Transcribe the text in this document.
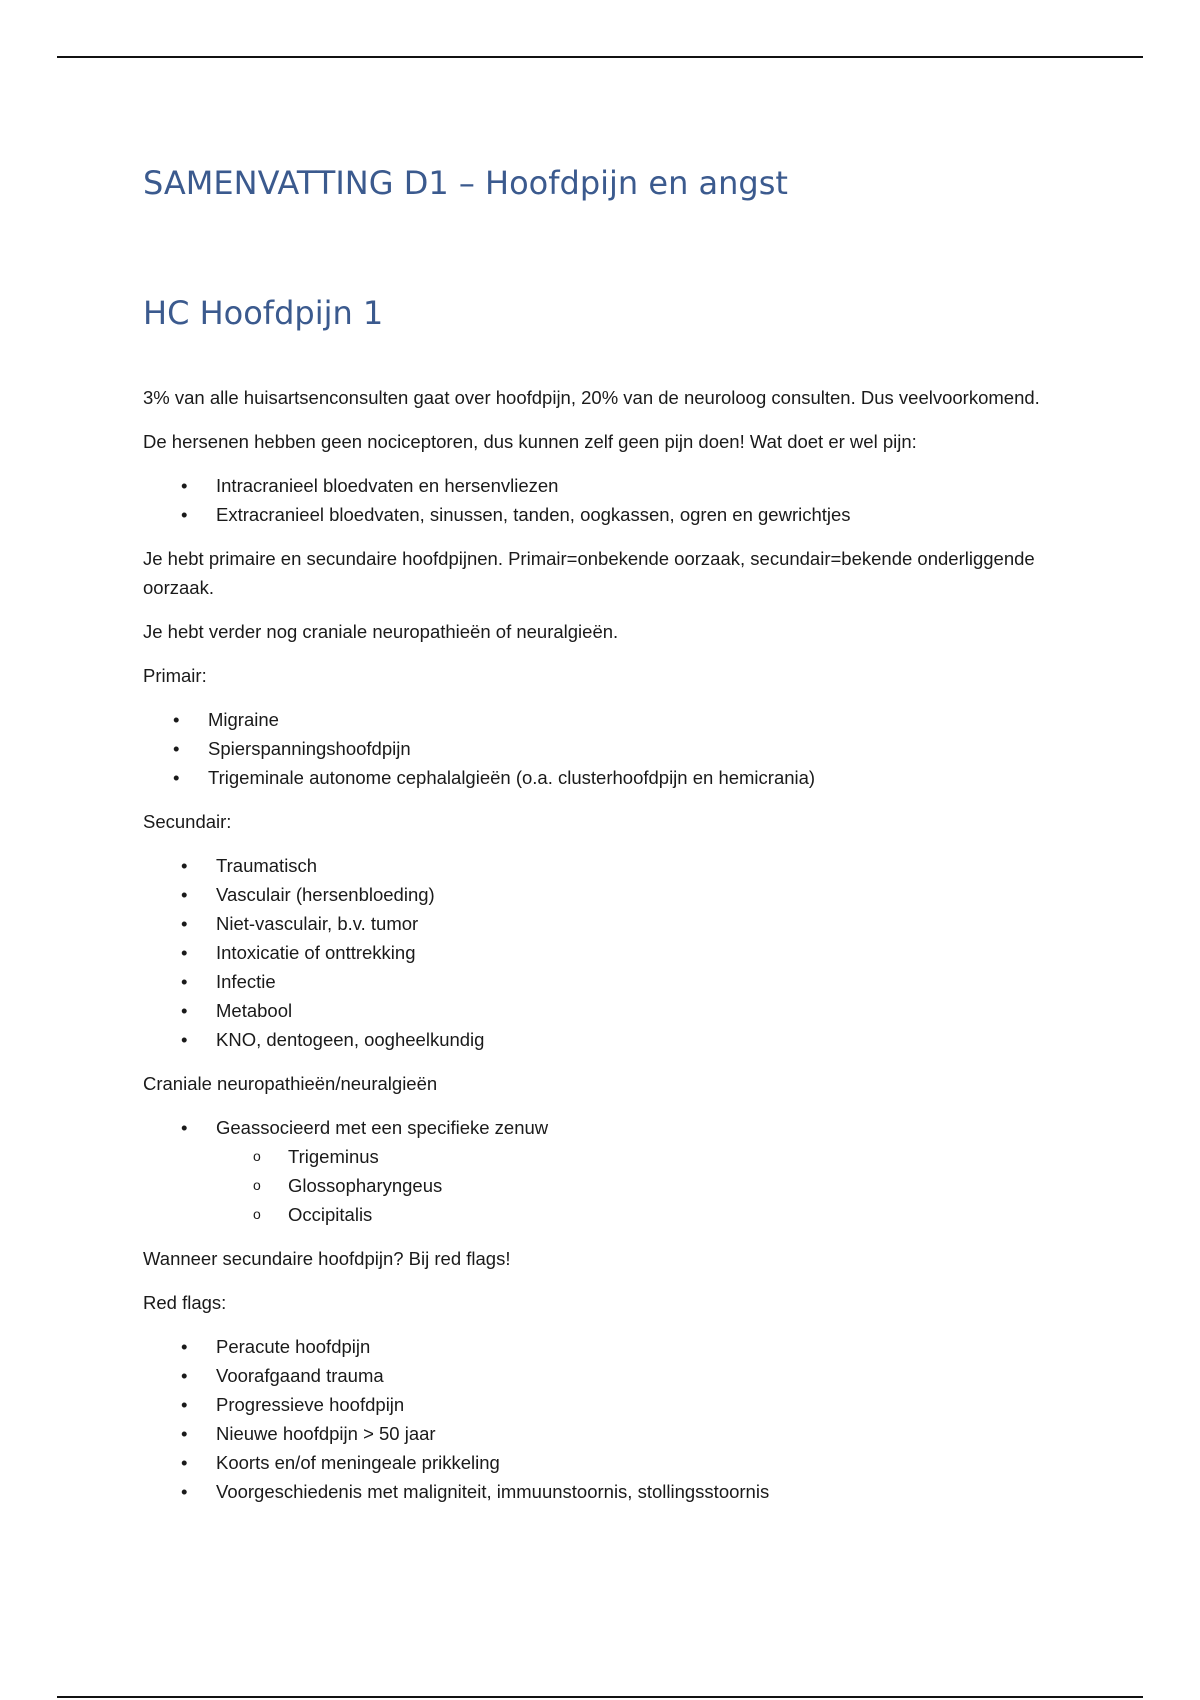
SAMENVATTING D1 – Hoofdpijn en angst
HC Hoofdpijn 1

3% van alle huisartsenconsulten gaat over hoofdpijn, 20% van de neuroloog consulten. Dus veelvoorkomend.

De hersenen hebben geen nociceptoren, dus kunnen zelf geen pijn doen! Wat doet er wel pijn:

• Intracranieel bloedvaten en hersenvliezen
• Extracranieel bloedvaten, sinussen, tanden, oogkassen, ogren en gewrichtjes

Je hebt primaire en secundaire hoofdpijnen. Primair=onbekende oorzaak, secundair=bekende onderliggende oorzaak.

Je hebt verder nog craniale neuropathieën of neuralgieën.

Primair:

• Migraine
• Spierspanningshoofdpijn
• Trigeminale autonome cephalalgieën (o.a. clusterhoofdpijn en hemicrania)

Secundair:

• Traumatisch
• Vasculair (hersenbloeding)
• Niet-vasculair, b.v. tumor
• Intoxicatie of onttrekking
• Infectie
• Metabool
• KNO, dentogeen, oogheelkundig

Craniale neuropathieën/neuralgieën

• Geassocieerd met een specifieke zenuw
o Trigeminus
o Glossopharyngeus
o Occipitalis

Wanneer secundaire hoofdpijn? Bij red flags!

Red flags:

• Peracute hoofdpijn
• Voorafgaand trauma
• Progressieve hoofdpijn
• Nieuwe hoofdpijn > 50 jaar
• Koorts en/of meningeale prikkeling
• Voorgeschiedenis met maligniteit, immuunstoornis, stollingsstoornis
